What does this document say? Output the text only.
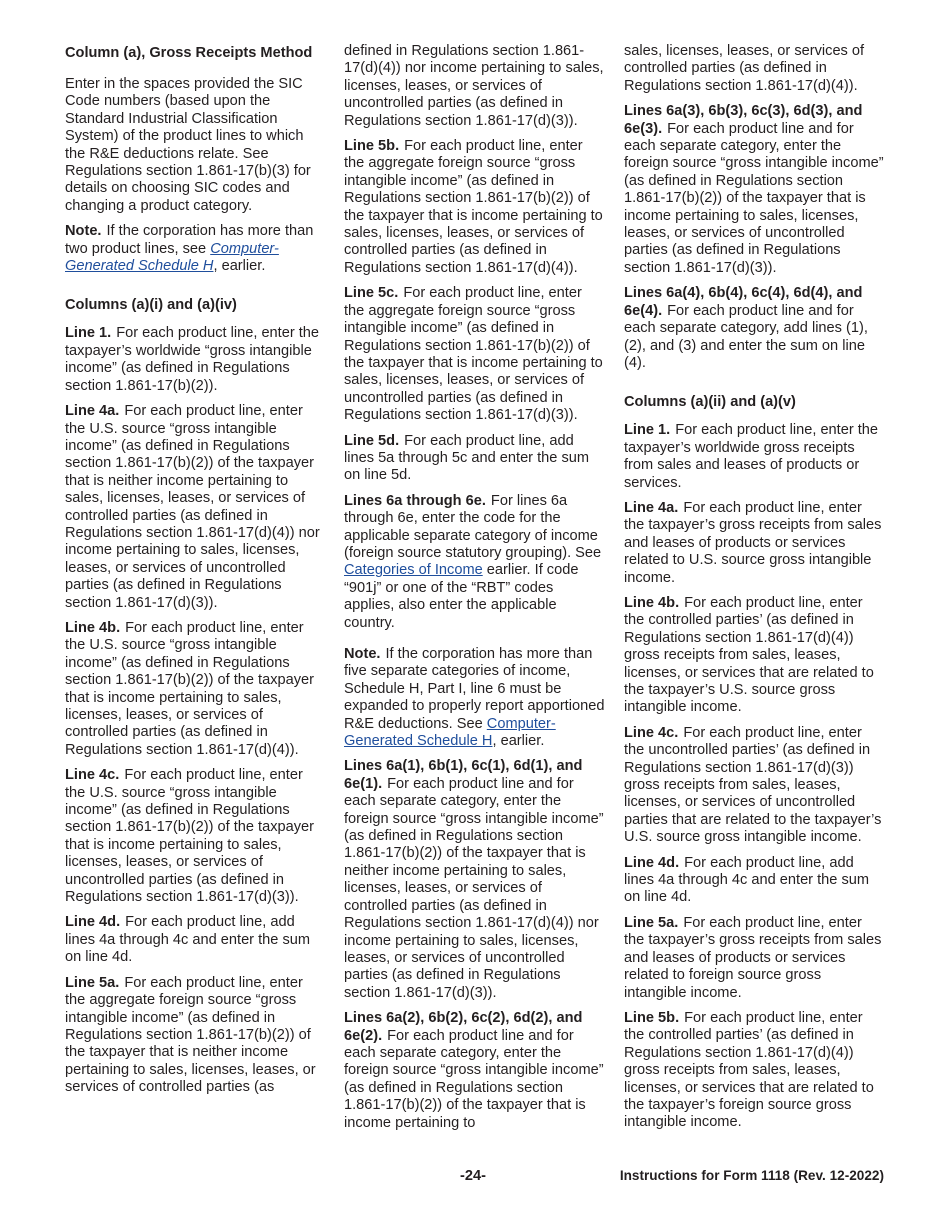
Column (a), Gross Receipts Method

Enter in the spaces provided the SIC Code numbers (based upon the Standard Industrial Classification System) of the product lines to which the R&E deductions relate. See Regulations section 1.861-17(b)(3) for details on choosing SIC codes and changing a product category.

Note. If the corporation has more than two product lines, see Computer-Generated Schedule H, earlier.

Columns (a)(i) and (a)(iv)

Line 1. For each product line, enter the taxpayer’s worldwide “gross intangible income” (as defined in Regulations section 1.861-17(b)(2)).

Line 4a. For each product line, enter the U.S. source “gross intangible income” (as defined in Regulations section 1.861-17(b)(2)) of the taxpayer that is neither income pertaining to sales, licenses, leases, or services of controlled parties (as defined in Regulations section 1.861-17(d)(4)) nor income pertaining to sales, licenses, leases, or services of uncontrolled parties (as defined in Regulations section 1.861-17(d)(3)).

Line 4b. For each product line, enter the U.S. source “gross intangible income” (as defined in Regulations section 1.861-17(b)(2)) of the taxpayer that is income pertaining to sales, licenses, leases, or services of controlled parties (as defined in Regulations section 1.861-17(d)(4)).

Line 4c. For each product line, enter the U.S. source “gross intangible income” (as defined in Regulations section 1.861-17(b)(2)) of the taxpayer that is income pertaining to sales, licenses, leases, or services of uncontrolled parties (as defined in Regulations section 1.861-17(d)(3)).

Line 4d. For each product line, add lines 4a through 4c and enter the sum on line 4d.

Line 5a. For each product line, enter the aggregate foreign source “gross intangible income” (as defined in Regulations section 1.861-17(b)(2)) of the taxpayer that is neither income pertaining to sales, licenses, leases, or services of controlled parties (as

defined in Regulations section 1.861-17(d)(4)) nor income pertaining to sales, licenses, leases, or services of uncontrolled parties (as defined in Regulations section 1.861-17(d)(3)).

Line 5b. For each product line, enter the aggregate foreign source “gross intangible income” (as defined in Regulations section 1.861-17(b)(2)) of the taxpayer that is income pertaining to sales, licenses, leases, or services of controlled parties (as defined in Regulations section 1.861-17(d)(4)).

Line 5c. For each product line, enter the aggregate foreign source “gross intangible income” (as defined in Regulations section 1.861-17(b)(2)) of the taxpayer that is income pertaining to sales, licenses, leases, or services of uncontrolled parties (as defined in Regulations section 1.861-17(d)(3)).

Line 5d. For each product line, add lines 5a through 5c and enter the sum on line 5d.

Lines 6a through 6e. For lines 6a through 6e, enter the code for the applicable separate category of income (foreign source statutory grouping). See Categories of Income earlier. If code “901j” or one of the “RBT” codes applies, also enter the applicable country.

Note. If the corporation has more than five separate categories of income, Schedule H, Part I, line 6 must be expanded to properly report apportioned R&E deductions. See Computer-Generated Schedule H, earlier.

Lines 6a(1), 6b(1), 6c(1), 6d(1), and 6e(1). For each product line and for each separate category, enter the foreign source “gross intangible income” (as defined in Regulations section 1.861-17(b)(2)) of the taxpayer that is neither income pertaining to sales, licenses, leases, or services of controlled parties (as defined in Regulations section 1.861-17(d)(4)) nor income pertaining to sales, licenses, leases, or services of uncontrolled parties (as defined in Regulations section 1.861-17(d)(3)).

Lines 6a(2), 6b(2), 6c(2), 6d(2), and 6e(2). For each product line and for each separate category, enter the foreign source “gross intangible income” (as defined in Regulations section 1.861-17(b)(2)) of the taxpayer that is income pertaining to

sales, licenses, leases, or services of controlled parties (as defined in Regulations section 1.861-17(d)(4)).

Lines 6a(3), 6b(3), 6c(3), 6d(3), and 6e(3). For each product line and for each separate category, enter the foreign source “gross intangible income” (as defined in Regulations section 1.861-17(b)(2)) of the taxpayer that is income pertaining to sales, licenses, leases, or services of uncontrolled parties (as defined in Regulations section 1.861-17(d)(3)).

Lines 6a(4), 6b(4), 6c(4), 6d(4), and 6e(4). For each product line and for each separate category, add lines (1), (2), and (3) and enter the sum on line (4).

Columns (a)(ii) and (a)(v)

Line 1. For each product line, enter the taxpayer’s worldwide gross receipts from sales and leases of products or services.

Line 4a. For each product line, enter the taxpayer’s gross receipts from sales and leases of products or services related to U.S. source gross intangible income.

Line 4b. For each product line, enter the controlled parties’ (as defined in Regulations section 1.861-17(d)(4)) gross receipts from sales, leases, licenses, or services that are related to the taxpayer’s U.S. source gross intangible income.

Line 4c. For each product line, enter the uncontrolled parties’ (as defined in Regulations section 1.861-17(d)(3)) gross receipts from sales, leases, licenses, or services of uncontrolled parties that are related to the taxpayer’s U.S. source gross intangible income.

Line 4d. For each product line, add lines 4a through 4c and enter the sum on line 4d.

Line 5a. For each product line, enter the taxpayer’s gross receipts from sales and leases of products or services related to foreign source gross intangible income.

Line 5b. For each product line, enter the controlled parties’ (as defined in Regulations section 1.861-17(d)(4)) gross receipts from sales, leases, licenses, or services that are related to the taxpayer’s foreign source gross intangible income.

-24-	Instructions for Form 1118 (Rev. 12-2022)
